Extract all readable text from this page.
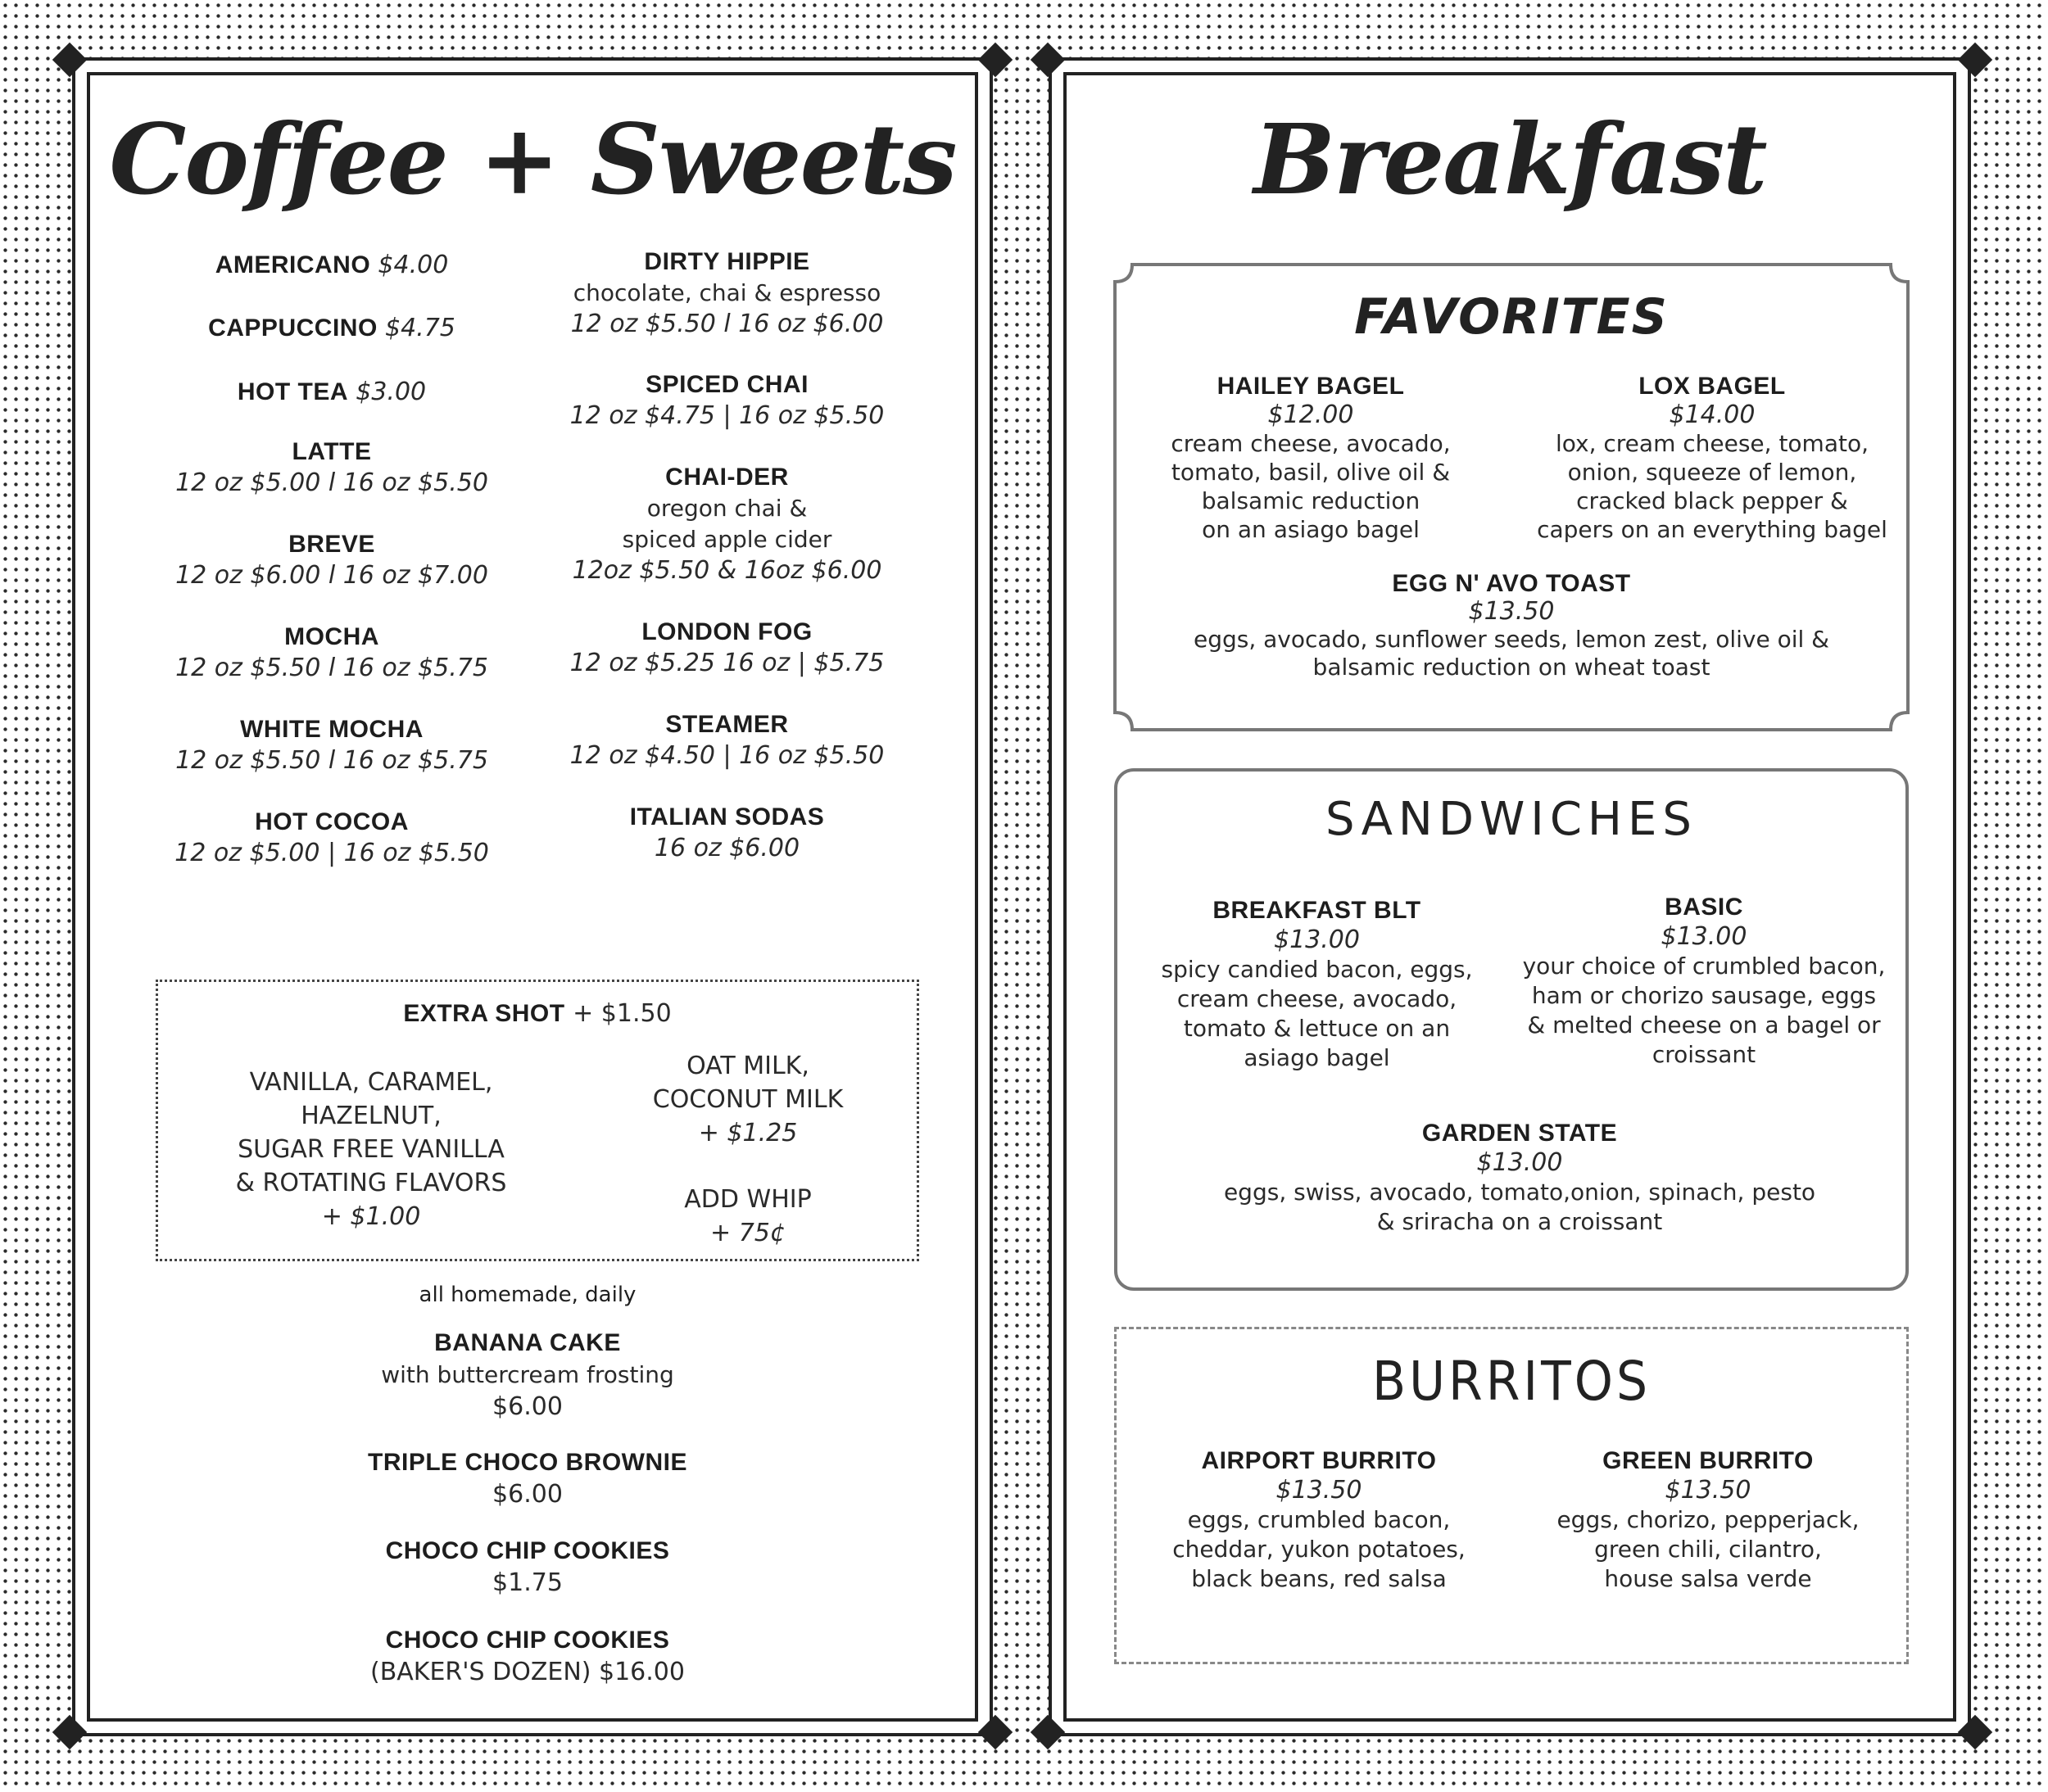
Coffee + Sweets
AMERICANO $4.00
CAPPUCCINO $4.75
HOT TEA $3.00
LATTE
12 oz $5.00 l 16 oz $5.50
BREVE
12 oz $6.00 l 16 oz $7.00
MOCHA
12 oz $5.50 l 16 oz $5.75
WHITE MOCHA
12 oz $5.50 l 16 oz $5.75
HOT COCOA
12 oz $5.00 | 16 oz $5.50
DIRTY HIPPIE
chocolate, chai & espresso
12 oz $5.50 l 16 oz $6.00
SPICED CHAI
12 oz $4.75 | 16 oz $5.50
CHAI-DER
oregon chai &
spiced apple cider
12oz $5.50 & 16oz $6.00
LONDON FOG
12 oz $5.25 16 oz | $5.75
STEAMER
12 oz $4.50 | 16 oz $5.50
ITALIAN SODAS
16 oz $6.00
EXTRA SHOT + $1.50
VANILLA, CARAMEL,
HAZELNUT,
SUGAR FREE VANILLA
& ROTATING FLAVORS
+ $1.00
OAT MILK,
COCONUT MILK
+ $1.25
ADD WHIP
+ 75¢
all homemade, daily
BANANA CAKE
with buttercream frosting
$6.00
TRIPLE CHOCO BROWNIE
$6.00
CHOCO CHIP COOKIES
$1.75
CHOCO CHIP COOKIES
(BAKER'S DOZEN) $16.00
Breakfast
FAVORITES
HAILEY BAGEL
$12.00
cream cheese, avocado,
tomato, basil, olive oil &
balsamic reduction
on an asiago bagel
LOX BAGEL
$14.00
lox, cream cheese, tomato,
onion, squeeze of lemon,
cracked black pepper &
capers on an everything bagel
EGG N' AVO TOAST
$13.50
eggs, avocado, sunflower seeds, lemon zest, olive oil &
balsamic reduction on wheat toast
SANDWICHES
BREAKFAST BLT
$13.00
spicy candied bacon, eggs,
cream cheese, avocado,
tomato & lettuce on an
asiago bagel
BASIC
$13.00
your choice of crumbled bacon,
ham or chorizo sausage, eggs
& melted cheese on a bagel or
croissant
GARDEN STATE
$13.00
eggs, swiss, avocado, tomato,onion, spinach, pesto
& sriracha on a croissant
BURRITOS
AIRPORT BURRITO
$13.50
eggs, crumbled bacon,
cheddar, yukon potatoes,
black beans, red salsa
GREEN BURRITO
$13.50
eggs, chorizo, pepperjack,
green chili, cilantro,
house salsa verde
